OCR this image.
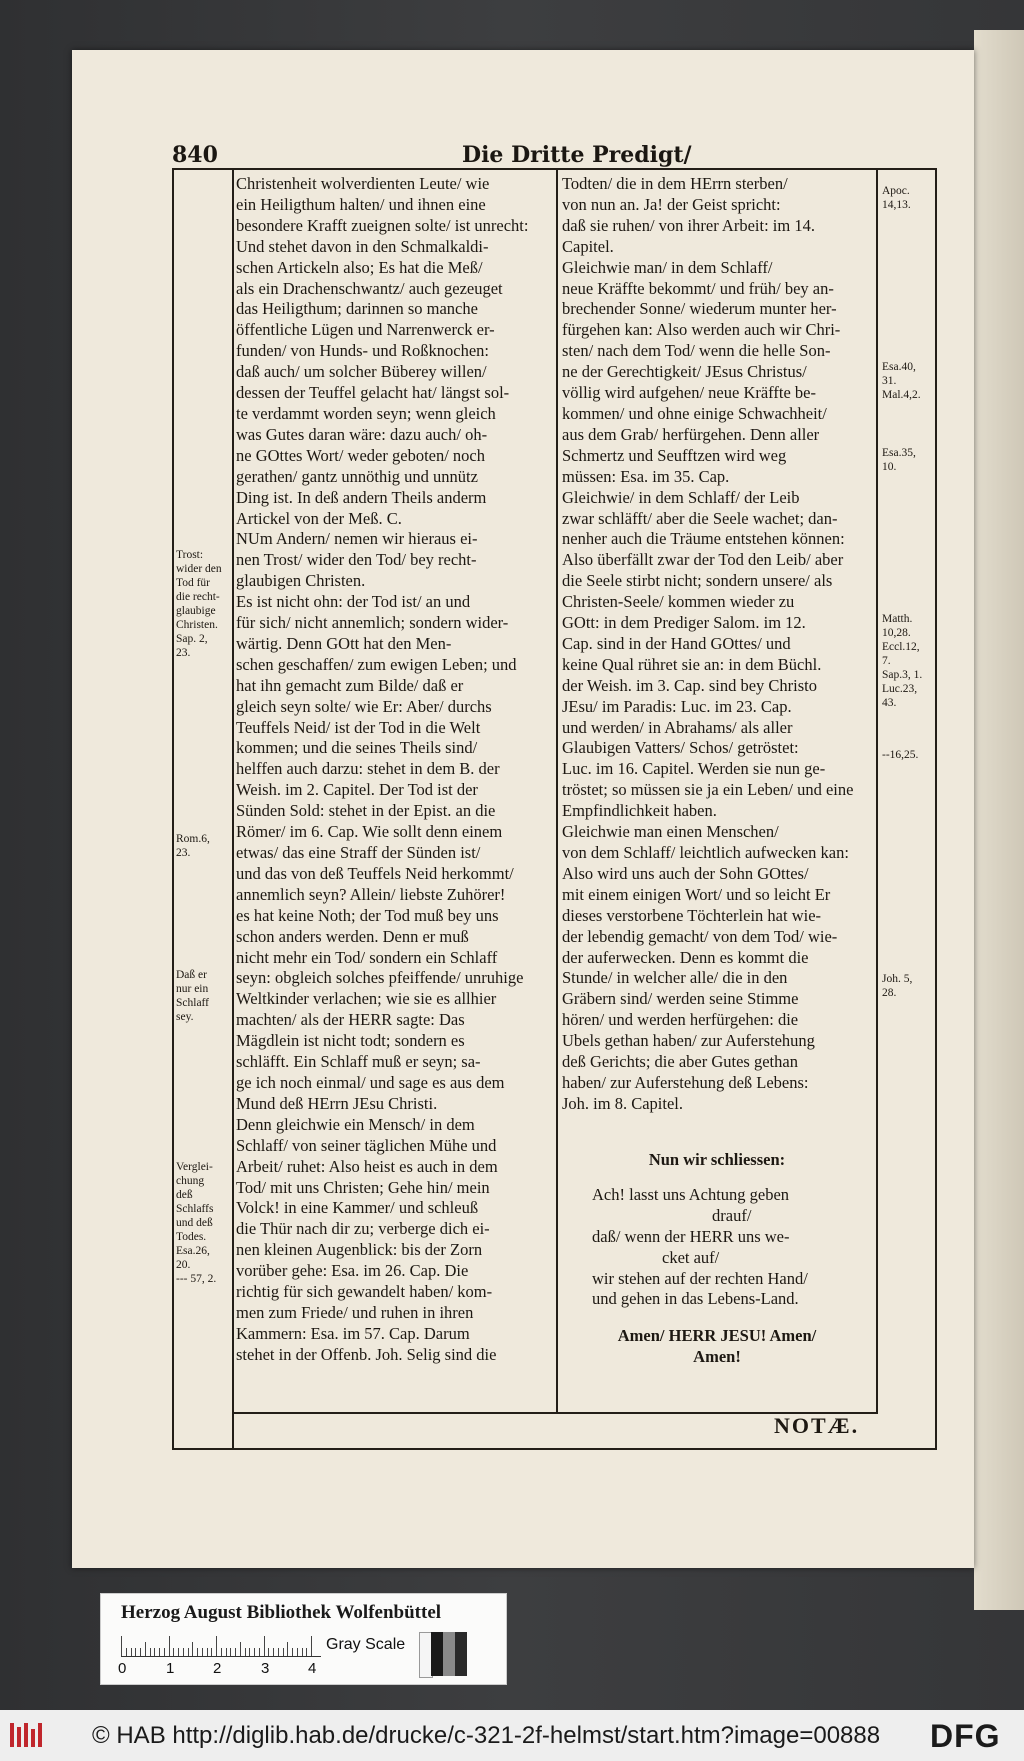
840	Die Dritte Predigt/
Christenheit wolverdienten Leute/ wie
ein Heiligthum halten/ und ihnen eine
besondere Krafft zueignen solte/ ist unrecht:
Und stehet davon in den Schmalkaldi-
schen Artickeln also; Es hat die Meß/
als ein Drachenschwantz/ auch gezeuget
das Heiligthum; darinnen so manche
öffentliche Lügen und Narrenwerck er-
funden/ von Hunds- und Roßknochen:
daß auch/ um solcher Büberey willen/
dessen der Teuffel gelacht hat/ längst sol-
te verdammt worden seyn; wenn gleich
was Gutes daran wäre: dazu auch/ oh-
ne GOttes Wort/ weder geboten/ noch
gerathen/ gantz unnöthig und unnütz
Ding ist. In deß andern Theils anderm
Artickel von der Meß. C.
NUm Andern/ nemen wir hieraus ei-
nen Trost/ wider den Tod/ bey recht-
glaubigen Christen.
Es ist nicht ohn: der Tod ist/ an und
für sich/ nicht annemlich; sondern wider-
wärtig. Denn GOtt hat den Men-
schen geschaffen/ zum ewigen Leben; und
hat ihn gemacht zum Bilde/ daß er
gleich seyn solte/ wie Er: Aber/ durchs
Teuffels Neid/ ist der Tod in die Welt
kommen; und die seines Theils sind/
helffen auch darzu: stehet in dem B. der
Weish. im 2. Capitel. Der Tod ist der
Sünden Sold: stehet in der Epist. an die
Römer/ im 6. Cap. Wie sollt denn einem
etwas/ das eine Straff der Sünden ist/
und das von deß Teuffels Neid herkommt/
annemlich seyn? Allein/ liebste Zuhörer!
es hat keine Noth; der Tod muß bey uns
schon anders werden. Denn er muß
nicht mehr ein Tod/ sondern ein Schlaff
seyn: obgleich solches pfeiffende/ unruhige
Weltkinder verlachen; wie sie es allhier
machten/ als der HERR sagte: Das
Mägdlein ist nicht todt; sondern es
schläfft. Ein Schlaff muß er seyn; sa-
ge ich noch einmal/ und sage es aus dem
Mund deß HErrn JEsu Christi.
Denn gleichwie ein Mensch/ in dem
Schlaff/ von seiner täglichen Mühe und
Arbeit/ ruhet: Also heist es auch in dem
Tod/ mit uns Christen; Gehe hin/ mein
Volck! in eine Kammer/ und schleuß
die Thür nach dir zu; verberge dich ei-
nen kleinen Augenblick: bis der Zorn
vorüber gehe: Esa. im 26. Cap. Die
richtig für sich gewandelt haben/ kom-
men zum Friede/ und ruhen in ihren
Kammern: Esa. im 57. Cap. Darum
stehet in der Offenb. Joh. Selig sind die
Todten/ die in dem HErrn sterben/
von nun an. Ja! der Geist spricht:
daß sie ruhen/ von ihrer Arbeit: im 14.
Capitel.
Gleichwie man/ in dem Schlaff/
neue Kräffte bekommt/ und früh/ bey an-
brechender Sonne/ wiederum munter her-
fürgehen kan: Also werden auch wir Chri-
sten/ nach dem Tod/ wenn die helle Son-
ne der Gerechtigkeit/ JEsus Christus/
völlig wird aufgehen/ neue Kräffte be-
kommen/ und ohne einige Schwachheit/
aus dem Grab/ herfürgehen. Denn aller
Schmertz und Seufftzen wird weg
müssen: Esa. im 35. Cap.
Gleichwie/ in dem Schlaff/ der Leib
zwar schläfft/ aber die Seele wachet; dan-
nenher auch die Träume entstehen können:
Also überfällt zwar der Tod den Leib/ aber
die Seele stirbt nicht; sondern unsere/ als
Christen-Seele/ kommen wieder zu
GOtt: in dem Prediger Salom. im 12.
Cap. sind in der Hand GOttes/ und
keine Qual rühret sie an: in dem Büchl.
der Weish. im 3. Cap. sind bey Christo
JEsu/ im Paradis: Luc. im 23. Cap.
und werden/ in Abrahams/ als aller
Glaubigen Vatters/ Schos/ getröstet:
Luc. im 16. Capitel. Werden sie nun ge-
tröstet; so müssen sie ja ein Leben/ und eine
Empfindlichkeit haben.
Gleichwie man einen Menschen/
von dem Schlaff/ leichtlich aufwecken kan:
Also wird uns auch der Sohn GOttes/
mit einem einigen Wort/ und so leicht Er
dieses verstorbene Töchterlein hat wie-
der lebendig gemacht/ von dem Tod/ wie-
der auferwecken. Denn es kommt die
Stunde/ in welcher alle/ die in den
Gräbern sind/ werden seine Stimme
hören/ und werden herfürgehen: die
Ubels gethan haben/ zur Auferstehung
deß Gerichts; die aber Gutes gethan
haben/ zur Auferstehung deß Lebens:
Joh. im 8. Capitel.
Nun wir schliessen:
Ach! lasst uns Achtung geben
drauf/
daß/ wenn der HERR uns we-
cket auf/
wir stehen auf der rechten Hand/
und gehen in das Lebens-Land.
Amen/ HERR JESU! Amen/
Amen!
Trost:
wider den
Tod für
die recht-
glaubige
Christen.
Sap. 2,
23.
Rom.6,
23.
Daß er
nur ein
Schlaff
sey.
Verglei-
chung
deß
Schlaffs
und deß
Todes.
Esa.26,
20.
--- 57, 2.
Apoc.
14,13.
Esa.40,
31.
Mal.4,2.
Esa.35,
10.
Matth.
10,28.
Eccl.12,
7.
Sap.3, 1.
Luc.23,
43.
--16,25.
Joh. 5,
28.
NOTÆ.
Herzog August Bibliothek Wolfenbüttel
0	1	2	3	4
Gray Scale
© HAB http://diglib.hab.de/drucke/c-321-2f-helmst/start.htm?image=00888 DFG
